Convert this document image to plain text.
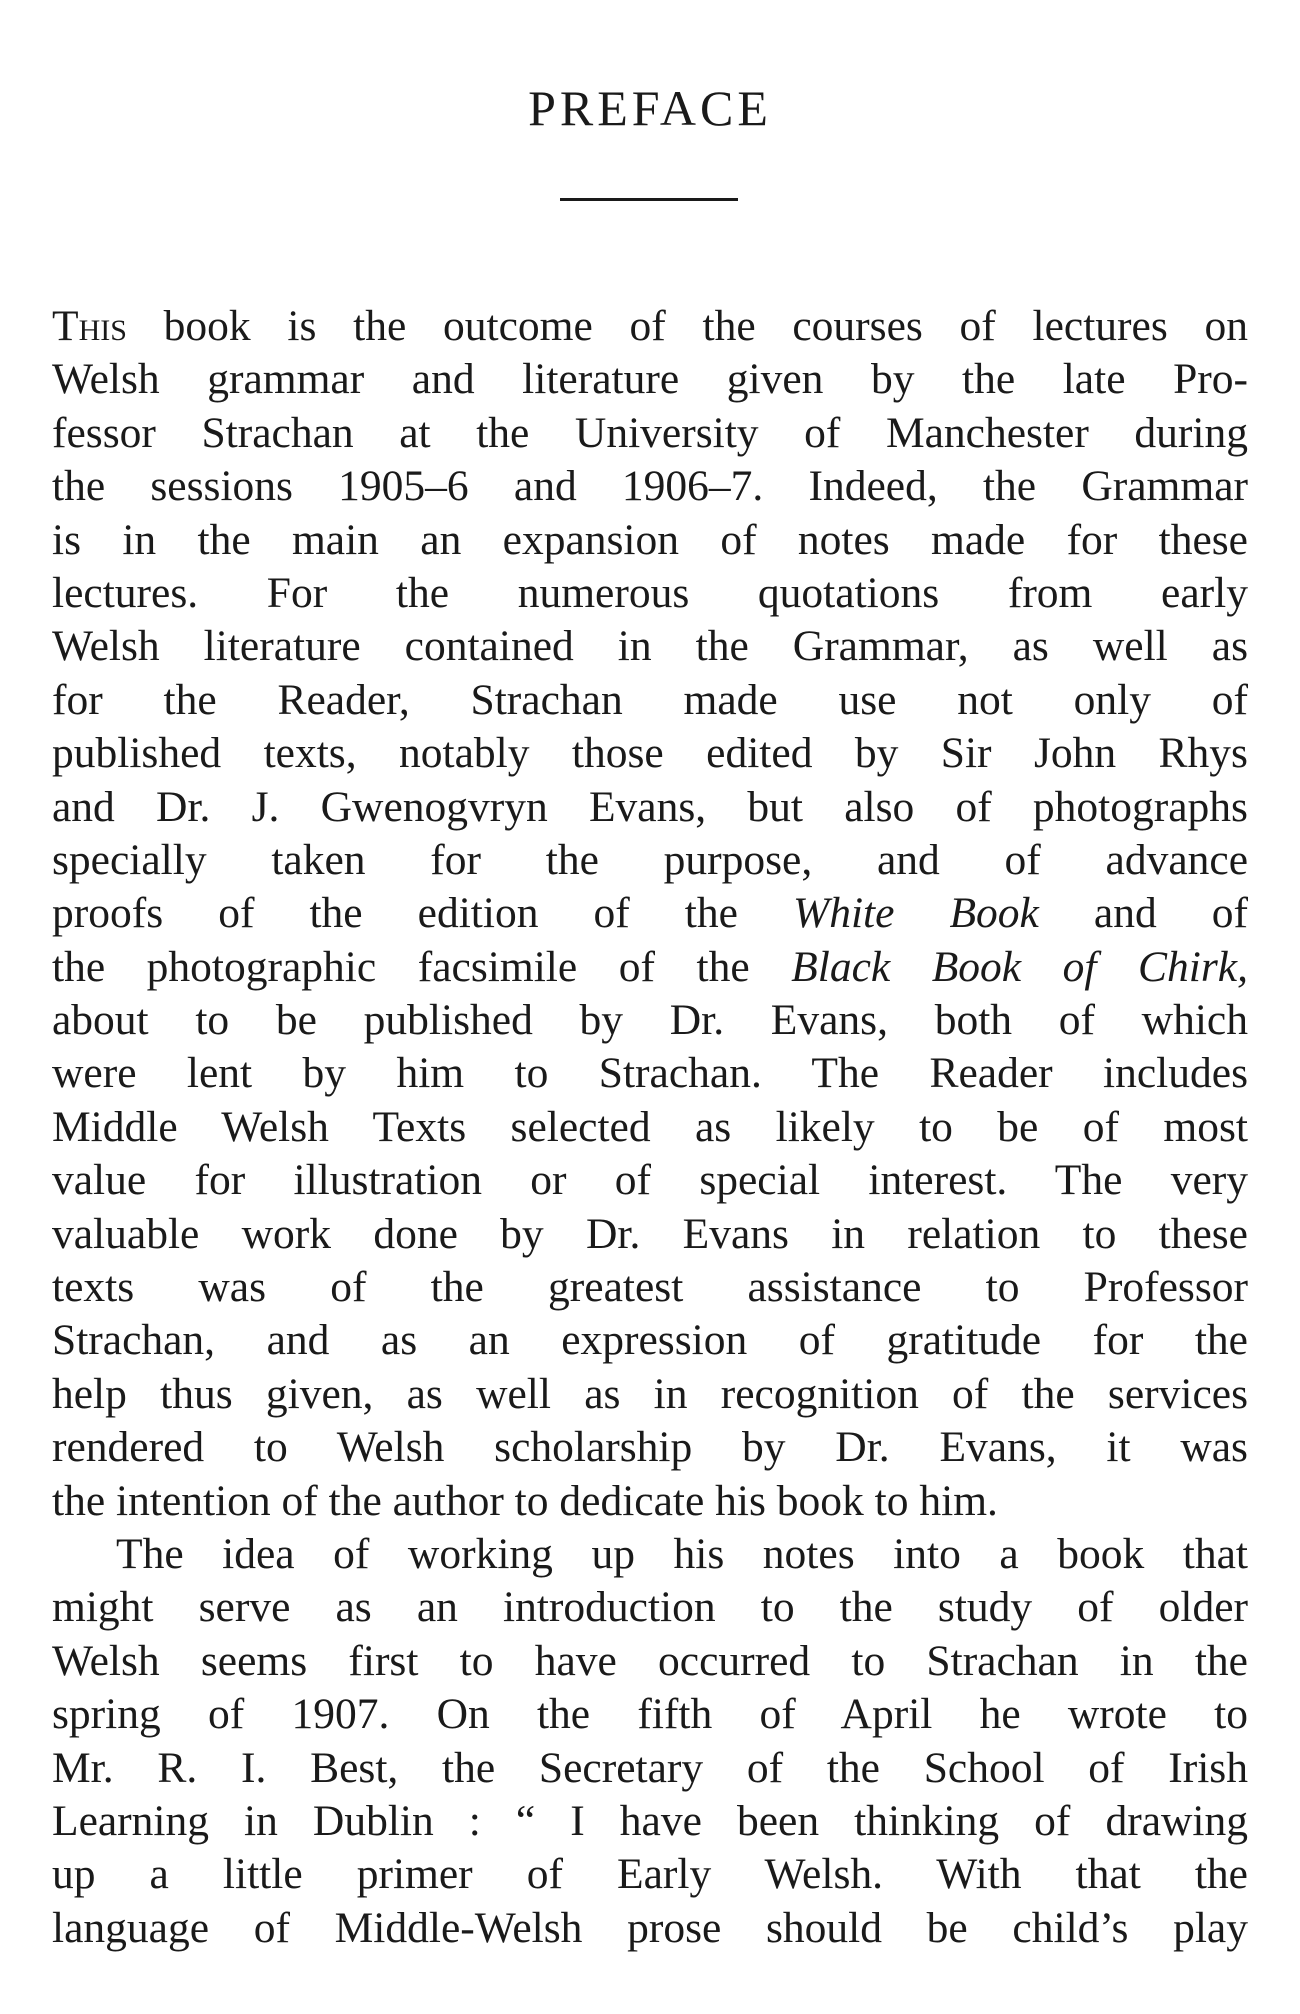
PREFACE
This book is the outcome of the courses of lectures on
Welsh grammar and literature given by the late Pro-
fessor Strachan at the University of Manchester during
the sessions 1905–6 and 1906–7. Indeed, the Grammar
is in the main an expansion of notes made for these
lectures. For the numerous quotations from early
Welsh literature contained in the Grammar, as well as
for the Reader, Strachan made use not only of
published texts, notably those edited by Sir John Rhys
and Dr. J. Gwenogvryn Evans, but also of photographs
specially taken for the purpose, and of advance
proofs of the edition of the White Book and of
the photographic facsimile of the Black Book of Chirk,
about to be published by Dr. Evans, both of which
were lent by him to Strachan. The Reader includes
Middle Welsh Texts selected as likely to be of most
value for illustration or of special interest. The very
valuable work done by Dr. Evans in relation to these
texts was of the greatest assistance to Professor
Strachan, and as an expression of gratitude for the
help thus given, as well as in recognition of the services
rendered to Welsh scholarship by Dr. Evans, it was
the intention of the author to dedicate his book to him.
The idea of working up his notes into a book that
might serve as an introduction to the study of older
Welsh seems first to have occurred to Strachan in the
spring of 1907. On the fifth of April he wrote to
Mr. R. I. Best, the Secretary of the School of Irish
Learning in Dublin : “ I have been thinking of drawing
up a little primer of Early Welsh. With that the
language of Middle-Welsh prose should be child’s play
